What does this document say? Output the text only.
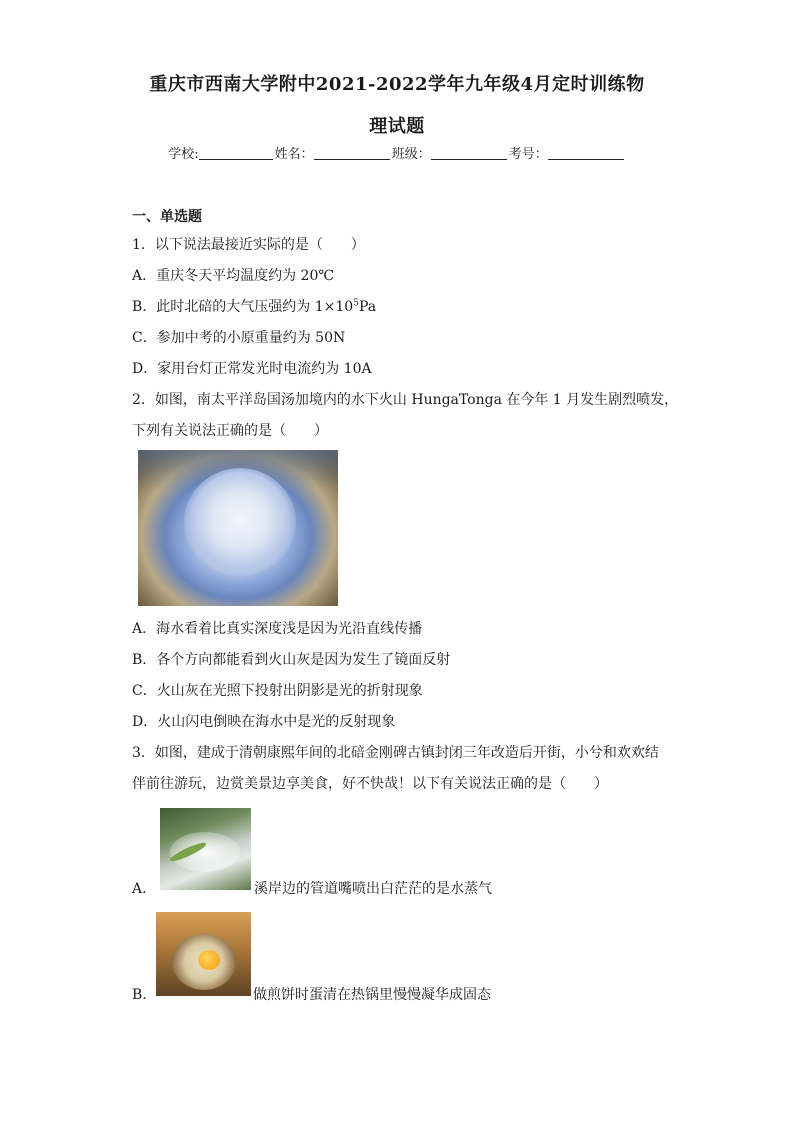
重庆市西南大学附中2021-2022学年九年级4月定时训练物
理试题
学校:	姓名：	班级：	考号：
一、单选题
1．以下说法最接近实际的是（　　）
A．重庆冬天平均温度约为 20℃
B．此时北碚的大气压强约为 $1\times 10^5Pa$
C．参加中考的小原重量约为 50N
D．家用台灯正常发光时电流约为 10A
2．如图，南太平洋岛国汤加境内的水下火山 HungaTonga 在今年 1 月发生剧烈喷发，
下列有关说法正确的是（　　）
A．海水看着比真实深度浅是因为光沿直线传播
B．各个方向都能看到火山灰是因为发生了镜面反射
C．火山灰在光照下投射出阴影是光的折射现象
D．火山闪电倒映在海水中是光的反射现象
3．如图，建成于清朝康熙年间的北碚金刚碑古镇封闭三年改造后开街，小兮和欢欢结
伴前往游玩，边赏美景边享美食，好不快哉！以下有关说法正确的是（　　）
A．	溪岸边的管道嘴喷出白茫茫的是水蒸气
B．	做煎饼时蛋清在热锅里慢慢凝华成固态
